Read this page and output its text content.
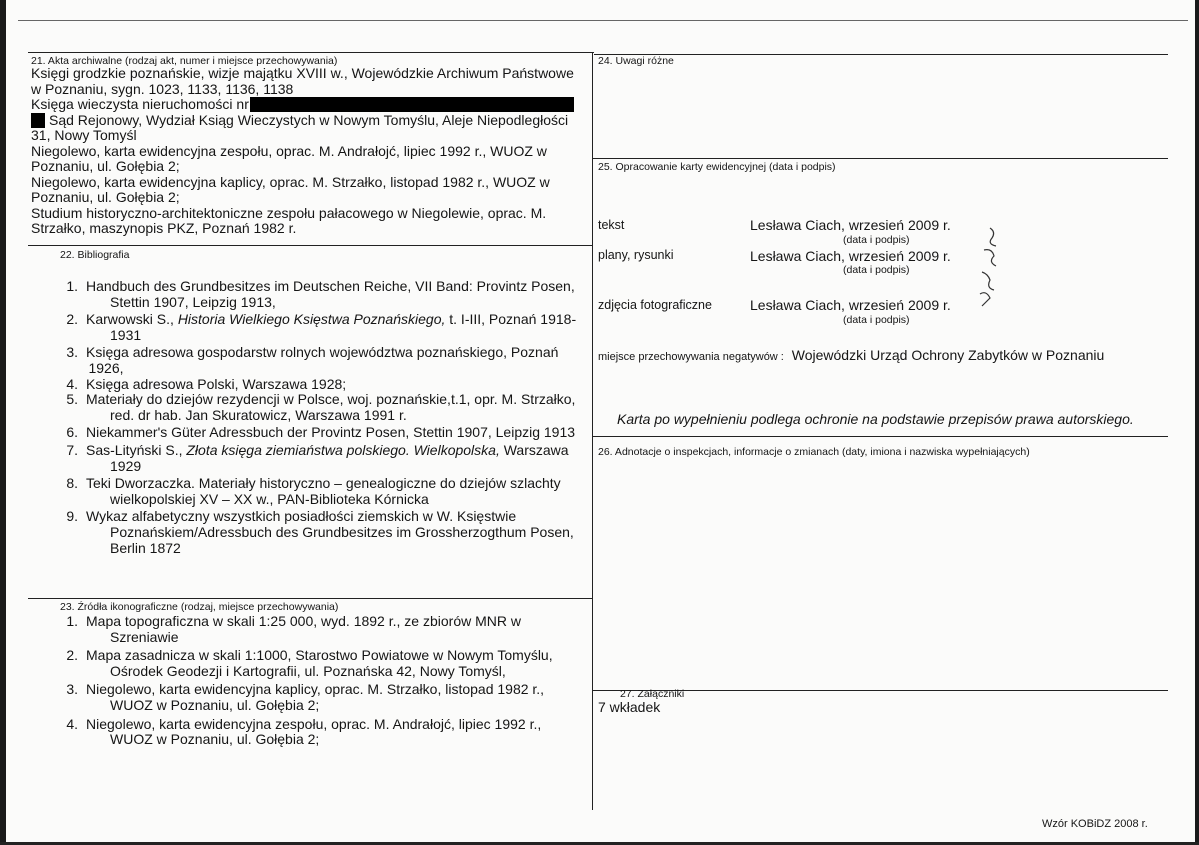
21. Akta archiwalne (rodzaj akt, numer i miejsce przechowywania)
Księgi grodzkie poznańskie, wizje majątku XVIII w., Wojewódzkie Archiwum Państwowe
w Poznaniu, sygn. 1023, 1133, 1136, 1138
Księga wieczysta nieruchomości nr
Sąd Rejonowy, Wydział Ksiąg Wieczystych w Nowym Tomyślu, Aleje Niepodległości
31, Nowy Tomyśl
Niegolewo, karta ewidencyjna zespołu, oprac. M. Andrałojć, lipiec 1992 r., WUOZ w
Poznaniu, ul. Gołębia 2;
Niegolewo, karta ewidencyjna kaplicy, oprac. M. Strzałko, listopad 1982 r., WUOZ w
Poznaniu, ul. Gołębia 2;
Studium historyczno-architektoniczne zespołu pałacowego w Niegolewie, oprac. M.
Strzałko, maszynopis PKZ, Poznań 1982 r.
22. Bibliografia
1. Handbuch des Grundbesitzes im Deutschen Reiche, VII Band: Provintz Posen,
Stettin 1907, Leipzig 1913,
2. Karwowski S., Historia Wielkiego Księstwa Poznańskiego, t. I-III, Poznań 1918-
1931
3. Księga adresowa gospodarstw rolnych województwa poznańskiego, Poznań
1926,
4. Księga adresowa Polski, Warszawa 1928;
5. Materiały do dziejów rezydencji w Polsce, woj. poznańskie,t.1, opr. M. Strzałko,
red. dr hab. Jan Skuratowicz, Warszawa 1991 r.
6. Niekammer's Güter Adressbuch der Provintz Posen, Stettin 1907, Leipzig 1913
7. Sas-Lityński S., Złota księga ziemiaństwa polskiego. Wielkopolska, Warszawa
1929
8. Teki Dworzaczka. Materiały historyczno – genealogiczne do dziejów szlachty
wielkopolskiej XV – XX w., PAN-Biblioteka Kórnicka
9. Wykaz alfabetyczny wszystkich posiadłości ziemskich w W. Księstwie
Poznańskiem/Adressbuch des Grundbesitzes im Grossherzogthum Posen,
Berlin 1872
23. Źródła ikonograficzne (rodzaj, miejsce przechowywania)
1. Mapa topograficzna w skali 1:25 000, wyd. 1892 r., ze zbiorów MNR w
Szreniawie
2. Mapa zasadnicza w skali 1:1000, Starostwo Powiatowe w Nowym Tomyślu,
Ośrodek Geodezji i Kartografii, ul. Poznańska 42, Nowy Tomyśl,
3. Niegolewo, karta ewidencyjna kaplicy, oprac. M. Strzałko, listopad 1982 r.,
WUOZ w Poznaniu, ul. Gołębia 2;
4. Niegolewo, karta ewidencyjna zespołu, oprac. M. Andrałojć, lipiec 1992 r.,
WUOZ w Poznaniu, ul. Gołębia 2;
24. Uwagi różne
25. Opracowanie karty ewidencyjnej (data i podpis)
tekst	Lesława Ciach, wrzesień 2009 r.
(data i podpis)
plany, rysunki	Lesława Ciach, wrzesień 2009 r.
(data i podpis)
zdjęcia fotograficzne	Lesława Ciach, wrzesień 2009 r.
(data i podpis)
miejsce przechowywania negatywów : Wojewódzki Urząd Ochrony Zabytków w Poznaniu
Karta po wypełnieniu podlega ochronie na podstawie przepisów prawa autorskiego.
26. Adnotacje o inspekcjach, informacje o zmianach (daty, imiona i nazwiska wypełniających)
27. Załączniki
7 wkładek
Wzór KOBiDZ 2008 r.
